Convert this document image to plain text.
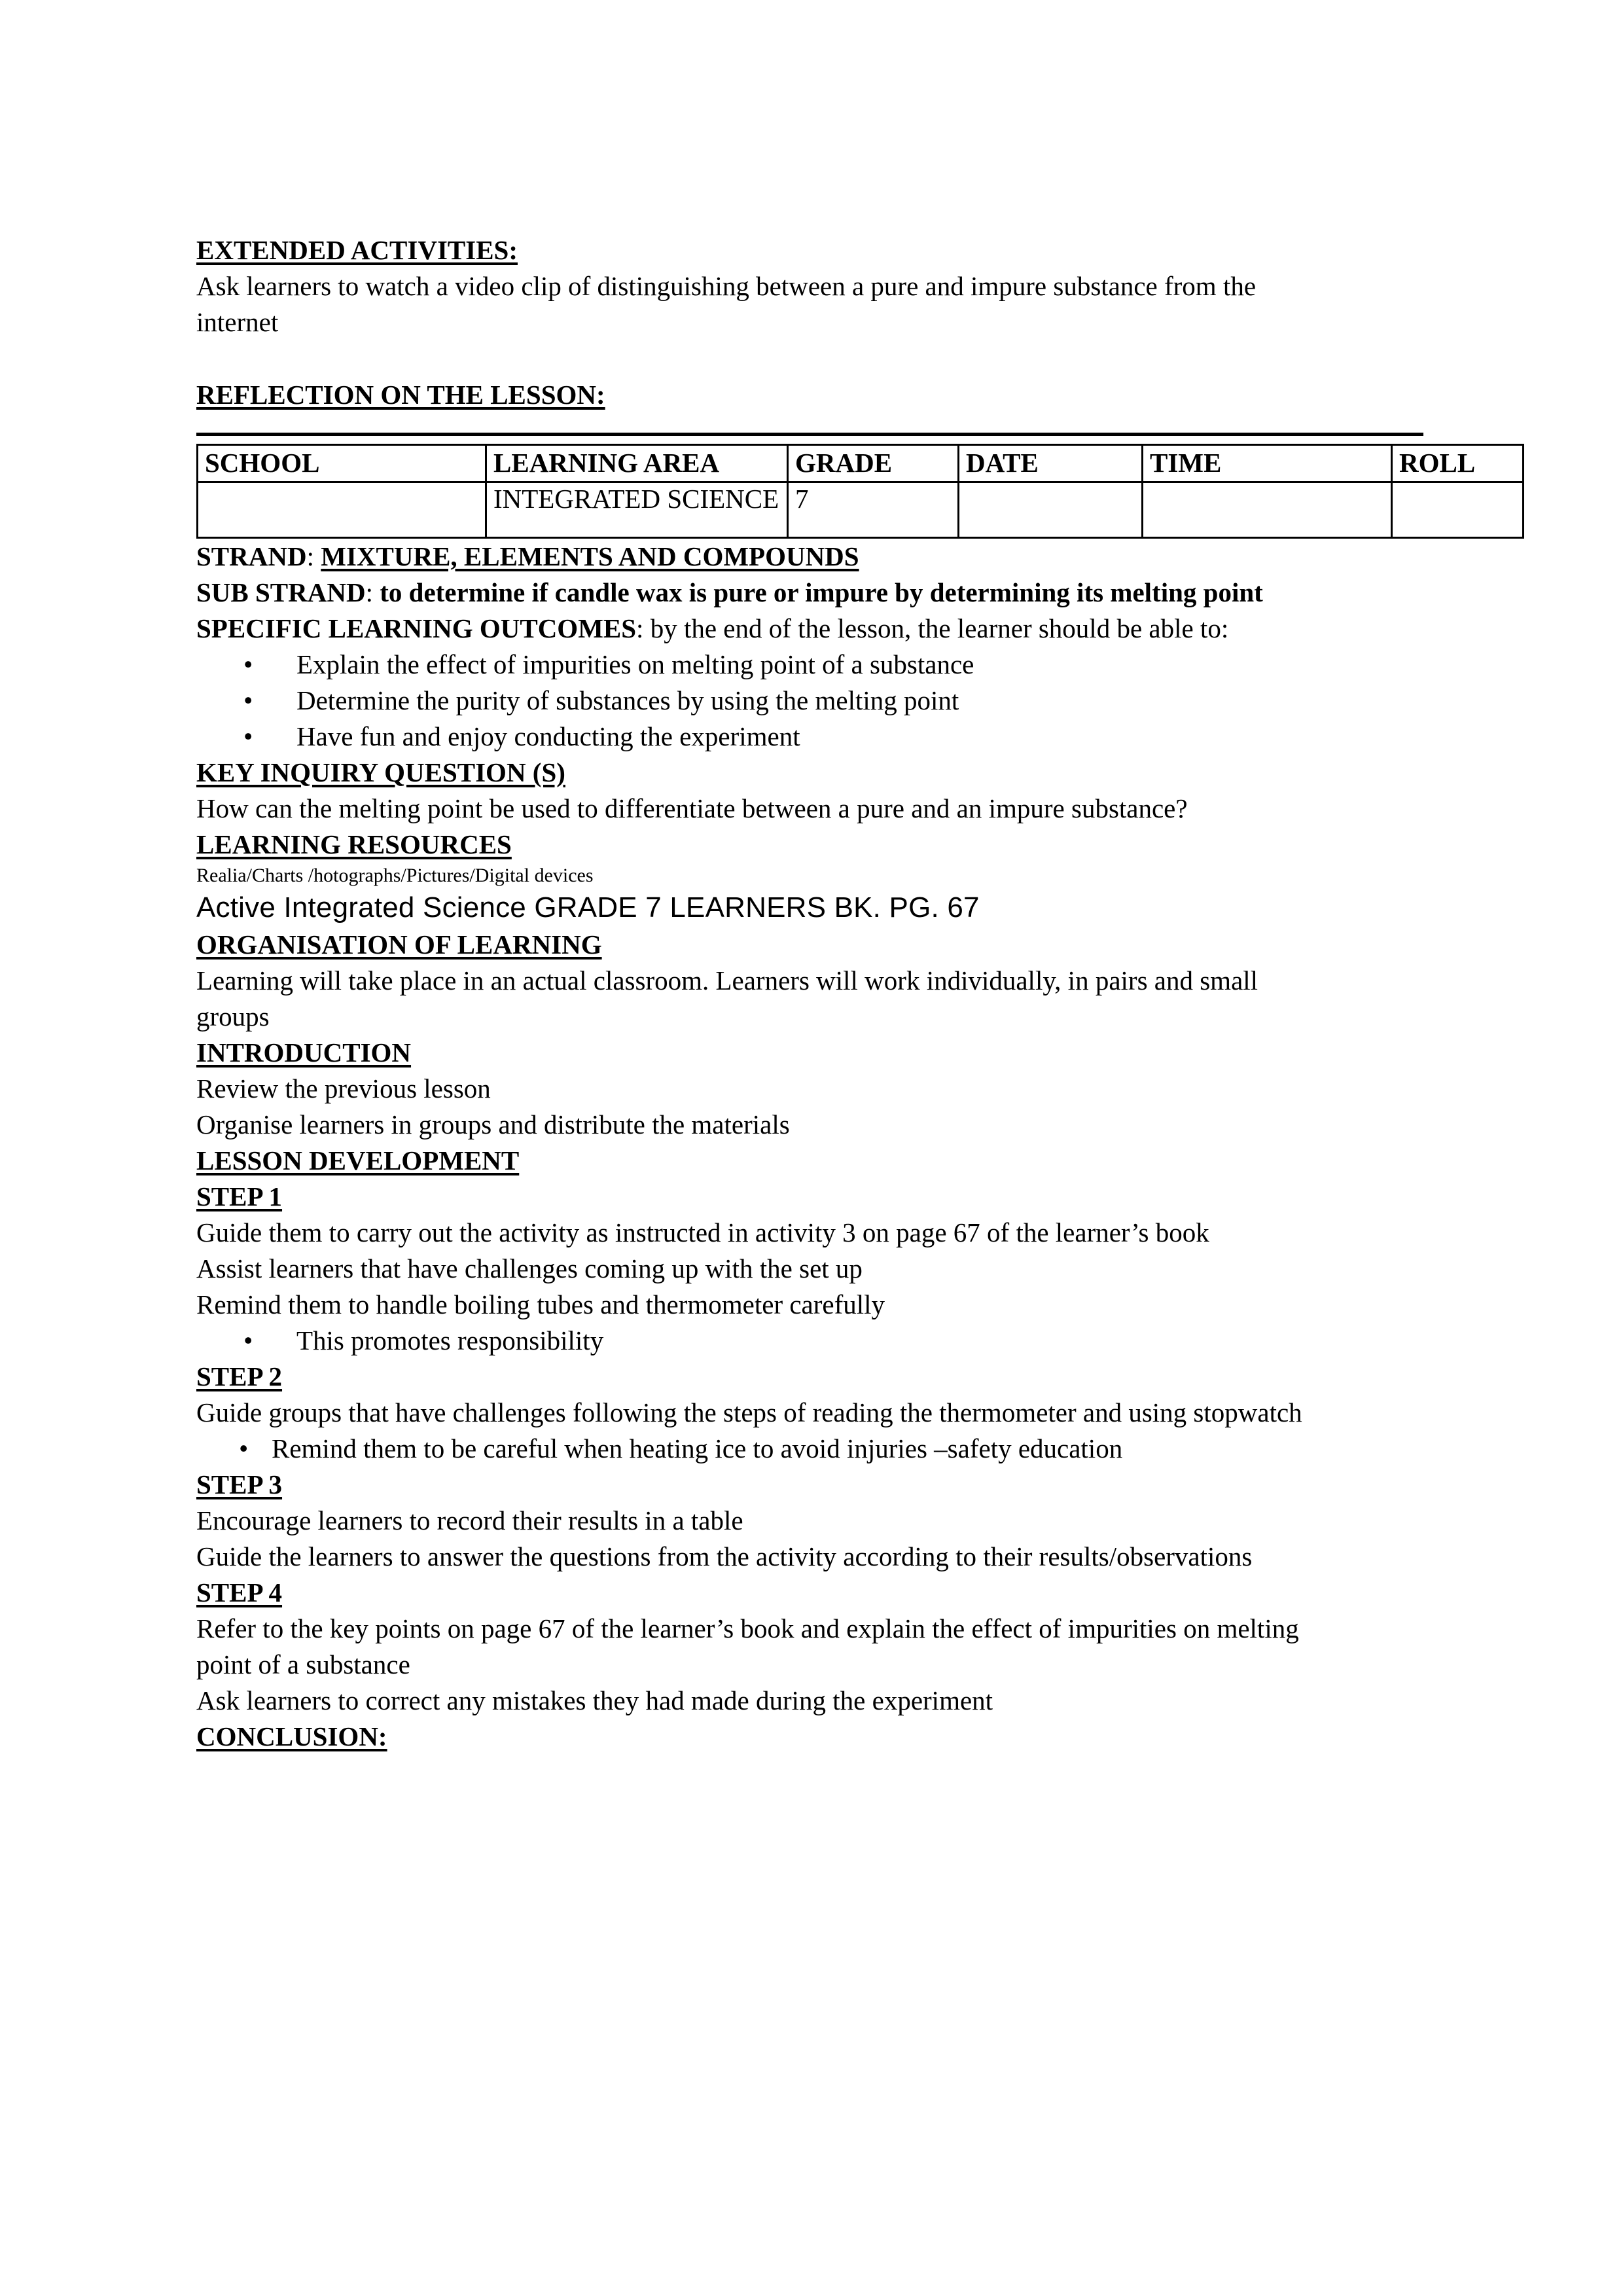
EXTENDED ACTIVITIES:

Ask learners to watch a video clip of distinguishing between a pure and impure substance from the internet

REFLECTION ON THE LESSON:
SCHOOL	LEARNING AREA	GRADE	DATE	TIME	ROLL
	INTEGRATED SCIENCE	7			

STRAND: MIXTURE, ELEMENTS AND COMPOUNDS

SUB STRAND: to determine if candle wax is pure or impure by determining its melting point

SPECIFIC LEARNING OUTCOMES: by the end of the lesson, the learner should be able to:

• Explain the effect of impurities on melting point of a substance
• Determine the purity of substances by using the melting point
• Have fun and enjoy conducting the experiment
KEY INQUIRY QUESTION (S)

How can the melting point be used to differentiate between a pure and an impure substance?

LEARNING RESOURCES

Realia/Charts /hotographs/Pictures/Digital devices

Active Integrated Science GRADE 7 LEARNERS BK. PG. 67

ORGANISATION OF LEARNING

Learning will take place in an actual classroom. Learners will work individually, in pairs and small groups

INTRODUCTION

Review the previous lesson

Organise learners in groups and distribute the materials

LESSON DEVELOPMENT
STEP 1

Guide them to carry out the activity as instructed in activity 3 on page 67 of the learner’s book

Assist learners that have challenges coming up with the set up

Remind them to handle boiling tubes and thermometer carefully

• This promotes responsibility
STEP 2

Guide groups that have challenges following the steps of reading the thermometer and using stopwatch

• Remind them to be careful when heating ice to avoid injuries –safety education
STEP 3

Encourage learners to record their results in a table

Guide the learners to answer the questions from the activity according to their results/observations

STEP 4

Refer to the key points on page 67 of the learner’s book and explain the effect of impurities on melting point of a substance

Ask learners to correct any mistakes they had made during the experiment

CONCLUSION:
